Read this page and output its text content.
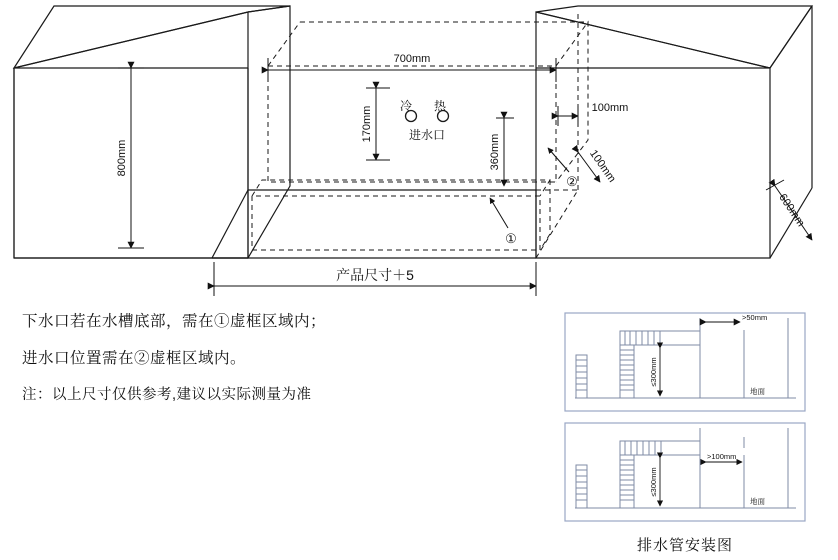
冷 热
进水口
800mm
700mm
170mm
360mm
100mm
100mm
600mm
产品尺寸＋5
①
②
≤300mm
>50mm
地面
≤300mm
>100mm
地面
下水口若在水槽底部，需在①虚框区域内；
进水口位置需在②虚框区域内。
注：以上尺寸仅供参考,建议以实际测量为准
排水管安装图
